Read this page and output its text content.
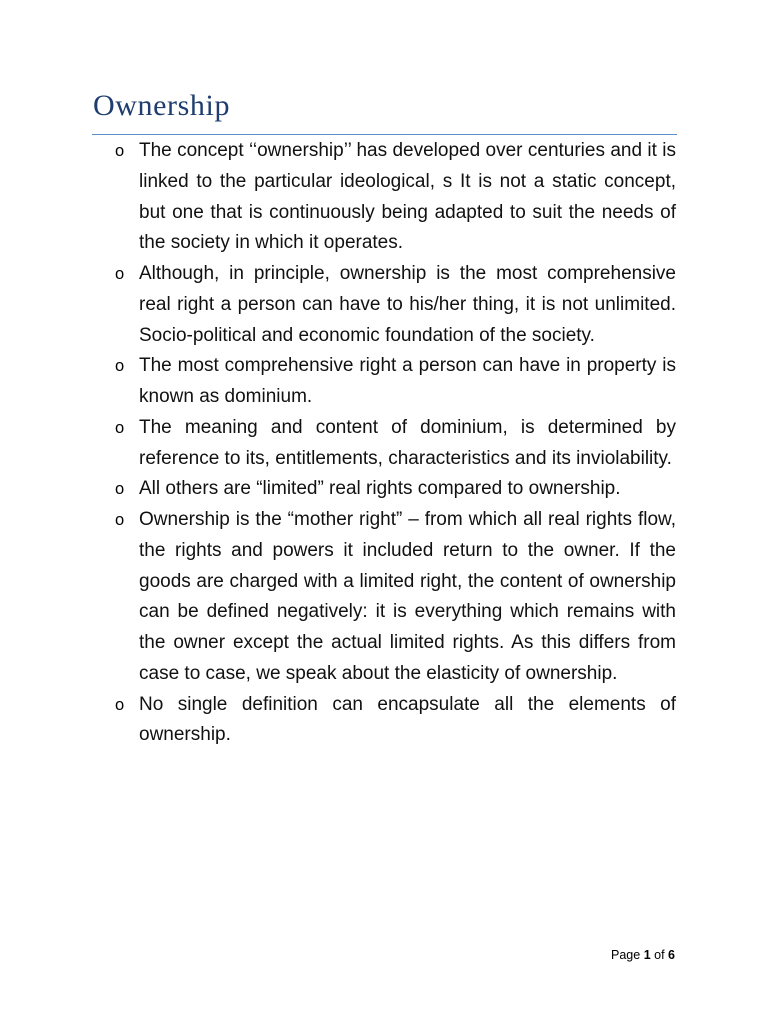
Ownership
o The concept ‘‘ownership’’ has developed over centuries and it is linked to the particular ideological, s It is not a static concept, but one that is continuously being adapted to suit the needs of the society in which it operates.
o Although, in principle, ownership is the most comprehensive real right a person can have to his/her thing, it is not unlimited. Socio-political and economic foundation of the society.
o The most comprehensive right a person can have in property is known as dominium.
o The meaning and content of dominium, is determined by reference to its, entitlements, characteristics and its inviolability.
o All others are “limited” real rights compared to ownership.
o Ownership is the “mother right” – from which all real rights flow, the rights and powers it included return to the owner. If the goods are charged with a limited right, the content of ownership can be defined negatively: it is everything which remains with the owner except the actual limited rights. As this differs from case to case, we speak about the elasticity of ownership.
o No single definition can encapsulate all the elements of ownership.
Page 1 of 6
